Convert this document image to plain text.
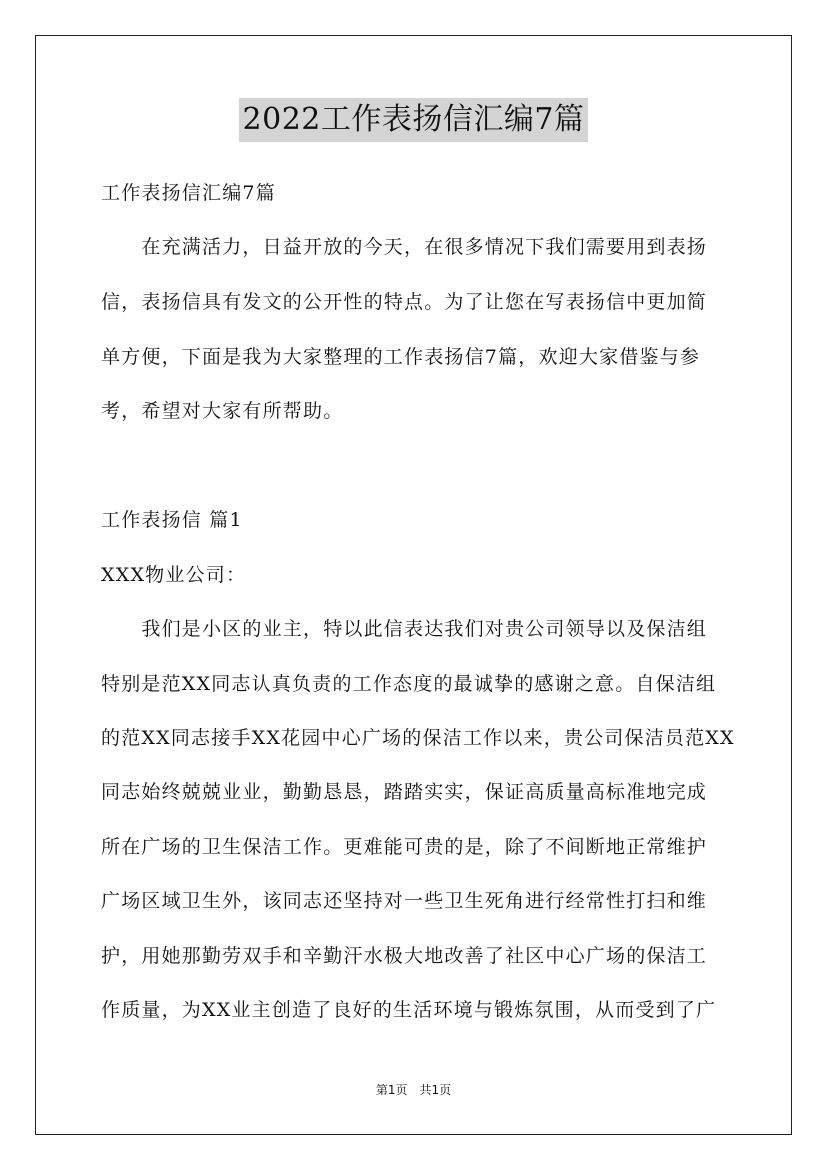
2022工作表扬信汇编7篇
工作表扬信汇编7篇
　　在充满活力，日益开放的今天，在很多情况下我们需要用到表扬
信，表扬信具有发文的公开性的特点。为了让您在写表扬信中更加简
单方便，下面是我为大家整理的工作表扬信7篇，欢迎大家借鉴与参
考，希望对大家有所帮助。
工作表扬信 篇1
XXX物业公司：
　　我们是小区的业主，特以此信表达我们对贵公司领导以及保洁组
特别是范XX同志认真负责的工作态度的最诚挚的感谢之意。自保洁组
的范XX同志接手XX花园中心广场的保洁工作以来，贵公司保洁员范XX
同志始终兢兢业业，勤勤恳恳，踏踏实实，保证高质量高标准地完成
所在广场的卫生保洁工作。更难能可贵的是，除了不间断地正常维护
广场区域卫生外，该同志还坚持对一些卫生死角进行经常性打扫和维
护，用她那勤劳双手和辛勤汗水极大地改善了社区中心广场的保洁工
作质量，为XX业主创造了良好的生活环境与锻炼氛围，从而受到了广
第1页　共1页
